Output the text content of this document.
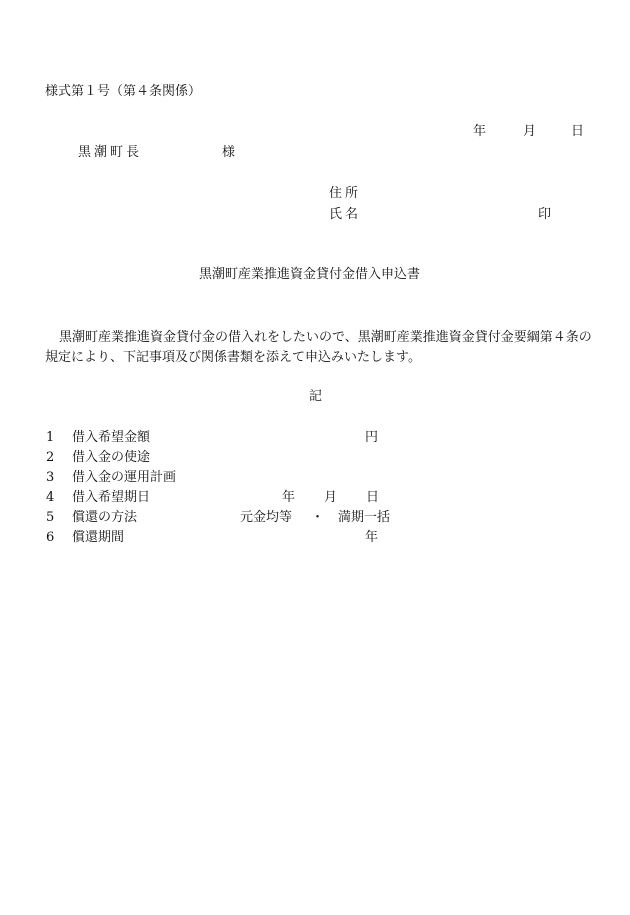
様式第１号（第４条関係）
年	月	日
黒潮町長	様
住所
氏名	印
黒潮町産業推進資金貸付金借入申込書
黒潮町産業推進資金貸付金の借入れをしたいので、黒潮町産業推進資金貸付金要綱第４条の規定により、下記事項及び関係書類を添えて申込みいたします。
記
1 借入希望金額	円
2 借入金の使途
3 借入金の運用計画
4 借入希望期日	年 月 日
5 償還の方法	元金均等 ・ 満期一括
6 償還期間	年
